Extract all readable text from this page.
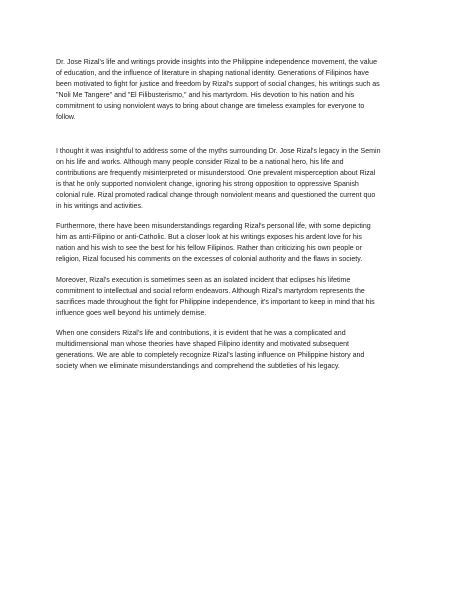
Dr. Jose Rizal's life and writings provide insights into the Philippine independence movement, the value
of education, and the influence of literature in shaping national identity. Generations of Filipinos have
been motivated to fight for justice and freedom by Rizal's support of social changes, his writings such as
"Noli Me Tangere" and "El Filibusterismo," and his martyrdom. His devotion to his nation and his
commitment to using nonviolent ways to bring about change are timeless examples for everyone to
follow.

I thought it was insightful to address some of the myths surrounding Dr. Jose Rizal's legacy in the Semin
on his life and works. Although many people consider Rizal to be a national hero, his life and
contributions are frequently misinterpreted or misunderstood. One prevalent misperception about Rizal
is that he only supported nonviolent change, ignoring his strong opposition to oppressive Spanish
colonial rule. Rizal promoted radical change through nonviolent means and questioned the current quo
in his writings and activities.

Furthermore, there have been misunderstandings regarding Rizal's personal life, with some depicting
him as anti-Filipino or anti-Catholic. But a closer look at his writings exposes his ardent love for his
nation and his wish to see the best for his fellow Filipinos. Rather than criticizing his own people or
religion, Rizal focused his comments on the excesses of colonial authority and the flaws in society.

Moreover, Rizal's execution is sometimes seen as an isolated incident that eclipses his lifetime
commitment to intellectual and social reform endeavors. Although Rizal's martyrdom represents the
sacrifices made throughout the fight for Philippine independence, it's important to keep in mind that his
influence goes well beyond his untimely demise.

When one considers Rizal's life and contributions, it is evident that he was a complicated and
multidimensional man whose theories have shaped Filipino identity and motivated subsequent
generations. We are able to completely recognize Rizal's lasting influence on Philippine history and
society when we eliminate misunderstandings and comprehend the subtleties of his legacy.
